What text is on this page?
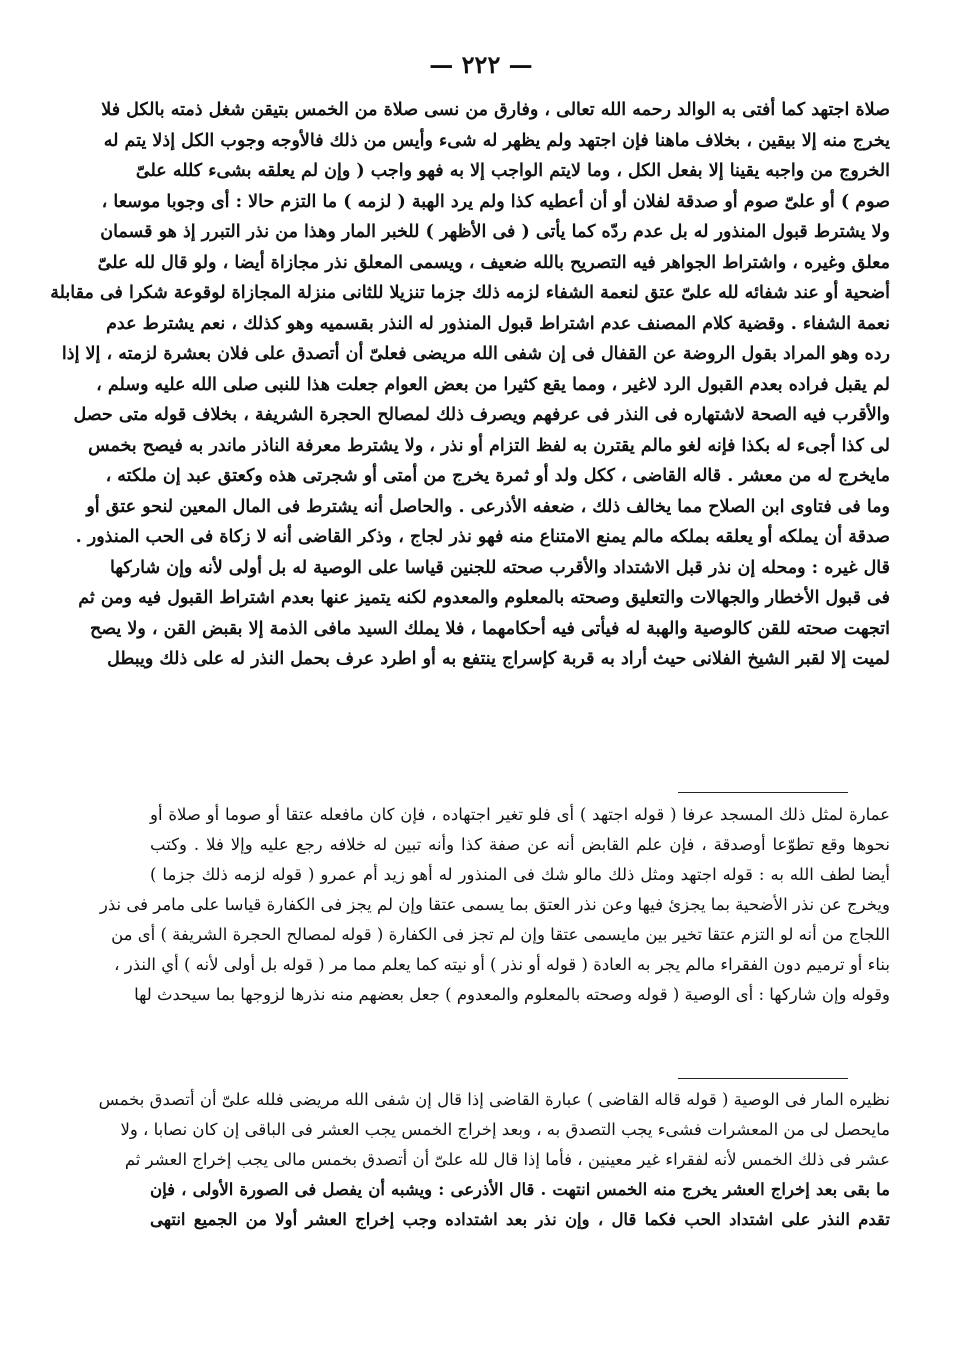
— ٢٢٢ —
صلاة اجتهد كما أفتى به الوالد رحمه الله تعالى ، وفارق من نسى صلاة من الخمس بتيقن شغل ذمته بالكل فلا
يخرج منه إلا بيقين ، بخلاف ماهنا فإن اجتهد ولم يظهر له شىء وأيس من ذلك فالأوجه وجوب الكل إذلا يتم له
الخروج من واجبه يقينا إلا بفعل الكل ، وما لايتم الواجب إلا به فهو واجب ( وإن لم يعلقه بشىء كلله علىّ
صوم ) أو علىّ صوم أو صدقة لفلان أو أن أعطيه كذا ولم يرد الهبة ( لزمه ) ما التزم حالا : أى وجوبا موسعا ،
ولا يشترط قبول المنذور له بل عدم ردّه كما يأتى ( فى الأظهر ) للخبر المار وهذا من نذر التبرر إذ هو قسمان
معلق وغيره ، واشتراط الجواهر فيه التصريح بالله ضعيف ، ويسمى المعلق نذر مجازاة أيضا ، ولو قال لله علىّ
أضحية أو عند شفائه لله علىّ عتق لنعمة الشفاء لزمه ذلك جزما تنزيلا للثانى منزلة المجازاة لوقوعة شكرا فى مقابلة
نعمة الشفاء . وقضية كلام المصنف عدم اشتراط قبول المنذور له النذر بقسميه وهو كذلك ، نعم يشترط عدم
رده وهو المراد بقول الروضة عن القفال فى إن شفى الله مريضى فعلىّ أن أتصدق على فلان بعشرة لزمته ، إلا إذا
لم يقبل فراده بعدم القبول الرد لاغير ، ومما يقع كثيرا من بعض العوام جعلت هذا للنبى صلى الله عليه وسلم ،
والأقرب فيه الصحة لاشتهاره فى النذر فى عرفهم ويصرف ذلك لمصالح الحجرة الشريفة ، بخلاف قوله متى حصل
لى كذا أجىء له بكذا فإنه لغو مالم يقترن به لفظ التزام أو نذر ، ولا يشترط معرفة الناذر ماندر به فيصح بخمس
مايخرج له من معشر . قاله القاضى ، ككل ولد أو ثمرة يخرج من أمتى أو شجرتى هذه وكعتق عبد إن ملكته ،
وما فى فتاوى ابن الصلاح مما يخالف ذلك ، ضعفه الأذرعى . والحاصل أنه يشترط فى المال المعين لنحو عتق أو
صدقة أن يملكه أو يعلقه بملكه مالم يمنع الامتناع منه فهو نذر لجاج ، وذكر القاضى أنه لا زكاة فى الحب المنذور .
قال غيره : ومحله إن نذر قبل الاشتداد والأقرب صحته للجنين قياسا على الوصية له بل أولى لأنه وإن شاركها
فى قبول الأخطار والجهالات والتعليق وصحته بالمعلوم والمعدوم لكنه يتميز عنها بعدم اشتراط القبول فيه ومن ثم
اتجهت صحته للقن كالوصية والهبة له فيأتى فيه أحكامهما ، فلا يملك السيد مافى الذمة إلا بقبض القن ، ولا يصح
لميت إلا لقبر الشيخ الفلانى حيث أراد به قربة كإسراج ينتفع به أو اطرد عرف بحمل النذر له على ذلك ويبطل
عمارة لمثل ذلك المسجد عرفا ( قوله اجتهد ) أى فلو تغير اجتهاده ، فإن كان مافعله عتقا أو صوما أو صلاة أو
نحوها وقع تطوّعا أوصدقة ، فإن علم القابض أنه عن صفة كذا وأنه تبين له خلافه رجع عليه وإلا فلا . وكتب
أيضا لطف الله به : قوله اجتهد ومثل ذلك مالو شك فى المنذور له أهو زيد أم عمرو ( قوله لزمه ذلك جزما )
ويخرج عن نذر الأضحية بما يجزئ فيها وعن نذر العتق بما يسمى عتقا وإن لم يجز فى الكفارة قياسا على مامر فى نذر
اللجاج من أنه لو التزم عتقا تخير بين مايسمى عتقا وإن لم تجز فى الكفارة ( قوله لمصالح الحجرة الشريفة ) أى من
بناء أو ترميم دون الفقراء مالم يجر به العادة ( قوله أو نذر ) أو نيته كما يعلم مما مر ( قوله بل أولى لأنه ) أي النذر ،
وقوله وإن شاركها : أى الوصية ( قوله وصحته بالمعلوم والمعدوم ) جعل بعضهم منه نذرها لزوجها بما سيحدث لها
نظيره المار فى الوصية ( قوله قاله القاضى ) عبارة القاضى إذا قال إن شفى الله مريضى فلله علىّ أن أتصدق بخمس
مايحصل لى من المعشرات فشىء يجب التصدق به ، وبعد إخراج الخمس يجب العشر فى الباقى إن كان نصابا ، ولا
عشر فى ذلك الخمس لأنه لفقراء غير معينين ، فأما إذا قال لله علىّ أن أتصدق بخمس مالى يجب إخراج العشر ثم
ما بقى بعد إخراج العشر يخرج منه الخمس انتهت . قال الأذرعى : ويشبه أن يفصل فى الصورة الأولى ، فإن
تقدم النذر على اشتداد الحب فكما قال ، وإن نذر بعد اشتداده وجب إخراج العشر أولا من الجميع انتهى
